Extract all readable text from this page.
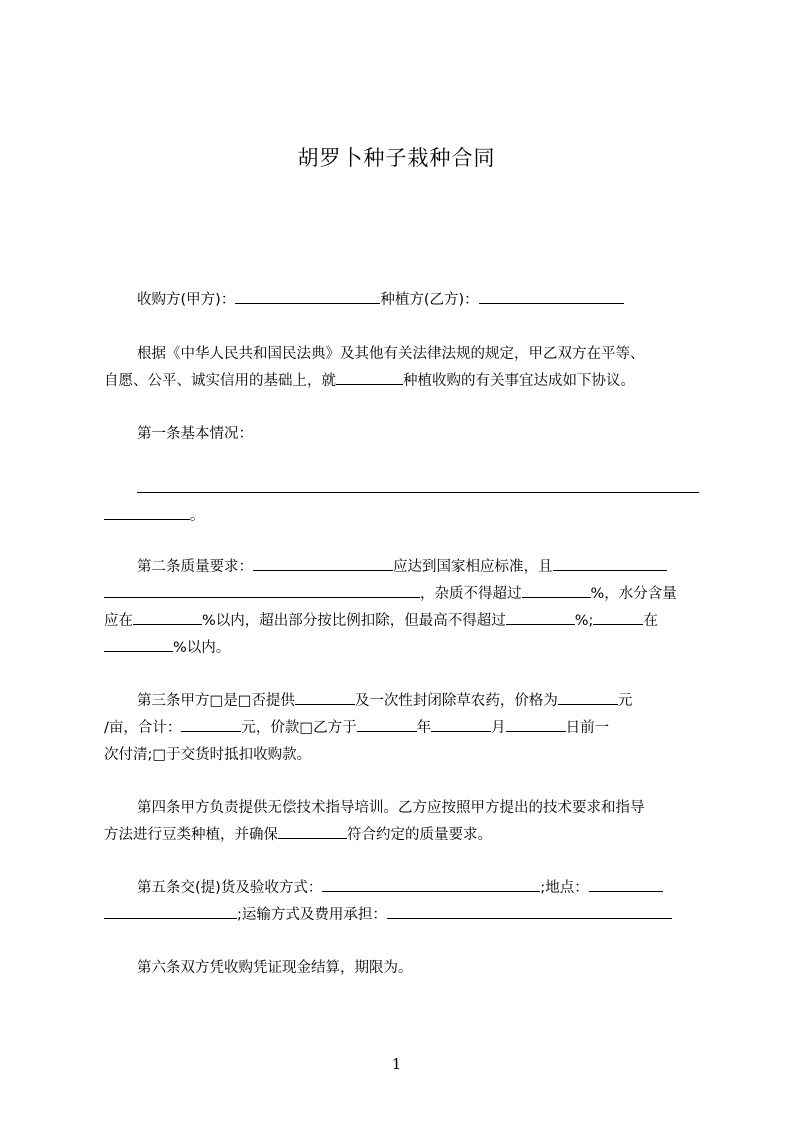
胡罗卜种子栽种合同
收购方(甲方)：	种植方(乙方)：
根据《中华人民共和国民法典》及其他有关法律法规的规定，甲乙双方在平等、
自愿、公平、诚实信用的基础上，就	种植收购的有关事宜达成如下协议。
第一条基本情况：
。
第二条质量要求：	应达到国家相应标准，且
，杂质不得超过	%，水分含量
应在	%以内，超出部分按比例扣除，但最高不得超过	%;	在
%以内。
第三条甲方□是□否提供	及一次性封闭除草农药，价格为	元
/亩，合计：	元，价款□乙方于	年	月	日前一
次付清;□于交货时抵扣收购款。
第四条甲方负责提供无偿技术指导培训。乙方应按照甲方提出的技术要求和指导
方法进行豆类种植，并确保	符合约定的质量要求。
第五条交(提)货及验收方式：	;地点：
;运输方式及费用承担：
第六条双方凭收购凭证现金结算，期限为。
1
